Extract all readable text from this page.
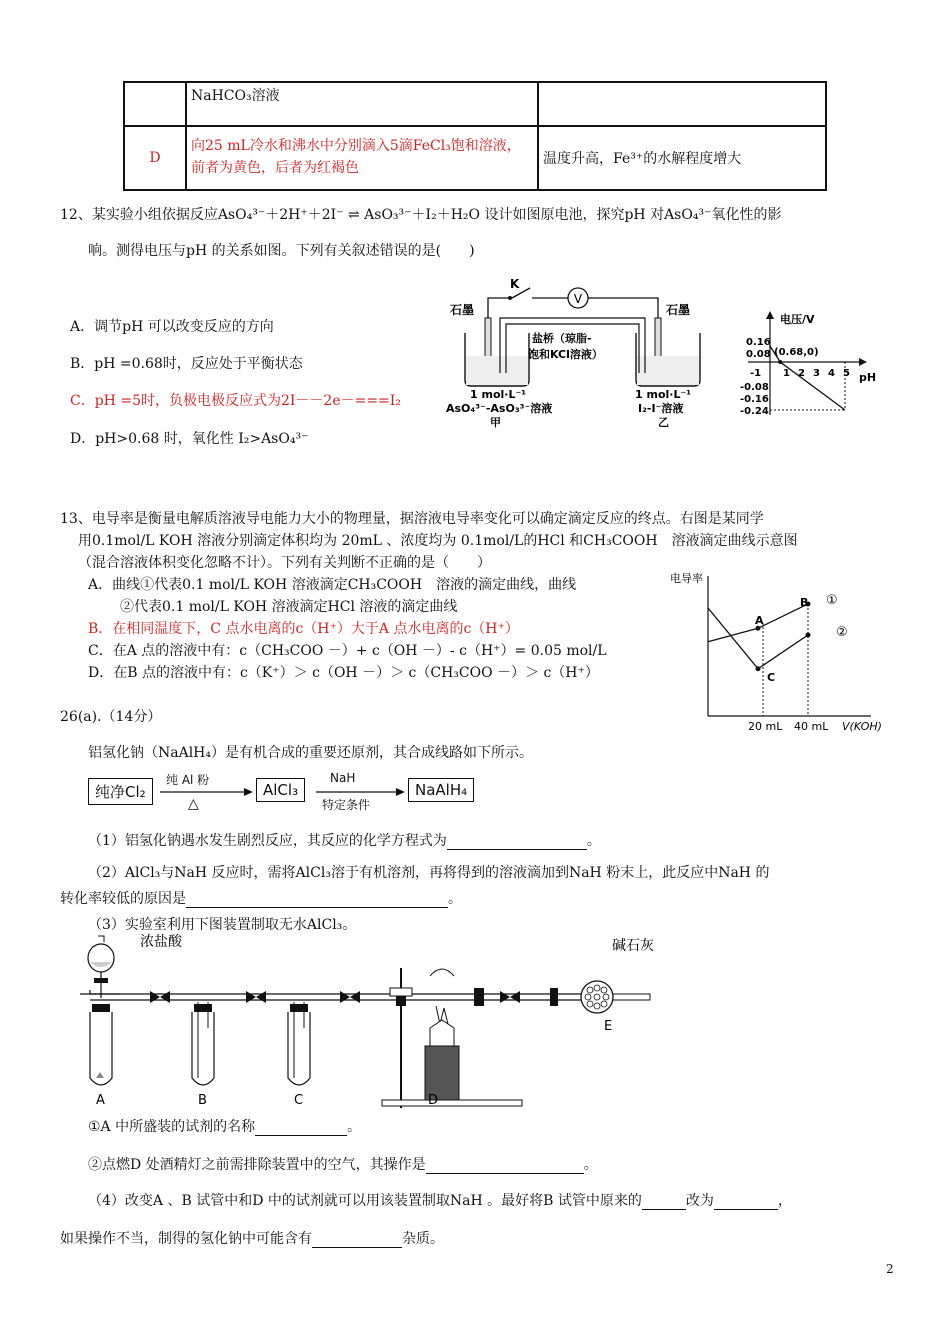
	NaHCO₃溶液	
D	向25 mL冷水和沸水中分别滴入5滴FeCl₃饱和溶液，前者为黄色，后者为红褐色	温度升高，Fe³⁺的水解程度增大
12、某实验小组依据反应AsO₄³⁻＋2H⁺＋2I⁻ ⇌ AsO₃³⁻＋I₂＋H₂O 设计如图原电池，探究pH 对AsO₄³⁻氧化性的影
响。测得电压与pH 的关系如图。下列有关叙述错误的是(　　)
A．调节pH 可以改变反应的方向
B．pH =0.68时，反应处于平衡状态
C．pH =5时，负极电极反应式为2I－－2e－===I₂
D．pH>0.68 时，氧化性 I₂>AsO₄³⁻
V
K
石墨	石墨
盐桥（琼脂-
饱和KCl溶液）
1 mol·L⁻¹
AsO₄³⁻-AsO₃³⁻溶液
甲
1 mol·L⁻¹
I₂-I⁻溶液
乙
电压/V
pH
0.16
0.08
-0.08
-0.16
-0.24
-1 1 2 3 4 5
(0.68,0)
13、电导率是衡量电解质溶液导电能力大小的物理量，据溶液电导率变化可以确定滴定反应的终点。右图是某同学
用0.1mol/L KOH 溶液分别滴定体积均为 20mL 、浓度均为 0.1mol/L的HCl 和CH₃COOH　溶液滴定曲线示意图
（混合溶液体积变化忽略不计）。下列有关判断不正确的是（　　）
A．曲线①代表0.1 mol/L KOH 溶液滴定CH₃COOH　溶液的滴定曲线，曲线
②代表0.1 mol/L KOH 溶液滴定HCl 溶液的滴定曲线
B．在相同温度下，C 点水电离的c（H⁺）大于A 点水电离的c（H⁺）
C．在A 点的溶液中有：c（CH₃COO －）+ c（OH －）- c（H⁺）= 0.05 mol/L
D．在B 点的溶液中有：c（K⁺）＞ c（OH －）＞ c（CH₃COO －）＞ c（H⁺）
电导率
V(KOH)
20 mL 40 mL
A
B
C
①
②
26(a).（14分）
铝氢化钠（NaAlH₄）是有机合成的重要还原剂，其合成线路如下所示。
纯净Cl₂
纯 Al 粉
△
AlCl₃
NaH
特定条件
NaAlH₄
（1）铝氢化钠遇水发生剧烈反应，其反应的化学方程式为	。
（2）AlCl₃与NaH 反应时，需将AlCl₃溶于有机溶剂，再将得到的溶液滴加到NaH 粉末上，此反应中NaH 的
转化率较低的原因是	。
（3）实验室利用下图装置制取无水AlCl₃。
浓盐酸	碱石灰
A	B	C	D
E
①A 中所盛装的试剂的名称	。
②点燃D 处酒精灯之前需排除装置中的空气，其操作是	。
（4）改变A 、B 试管中和D 中的试剂就可以用该装置制取NaH 。最好将B 试管中原来的	改为	，
如果操作不当，制得的氢化钠中可能含有	杂质。
2
